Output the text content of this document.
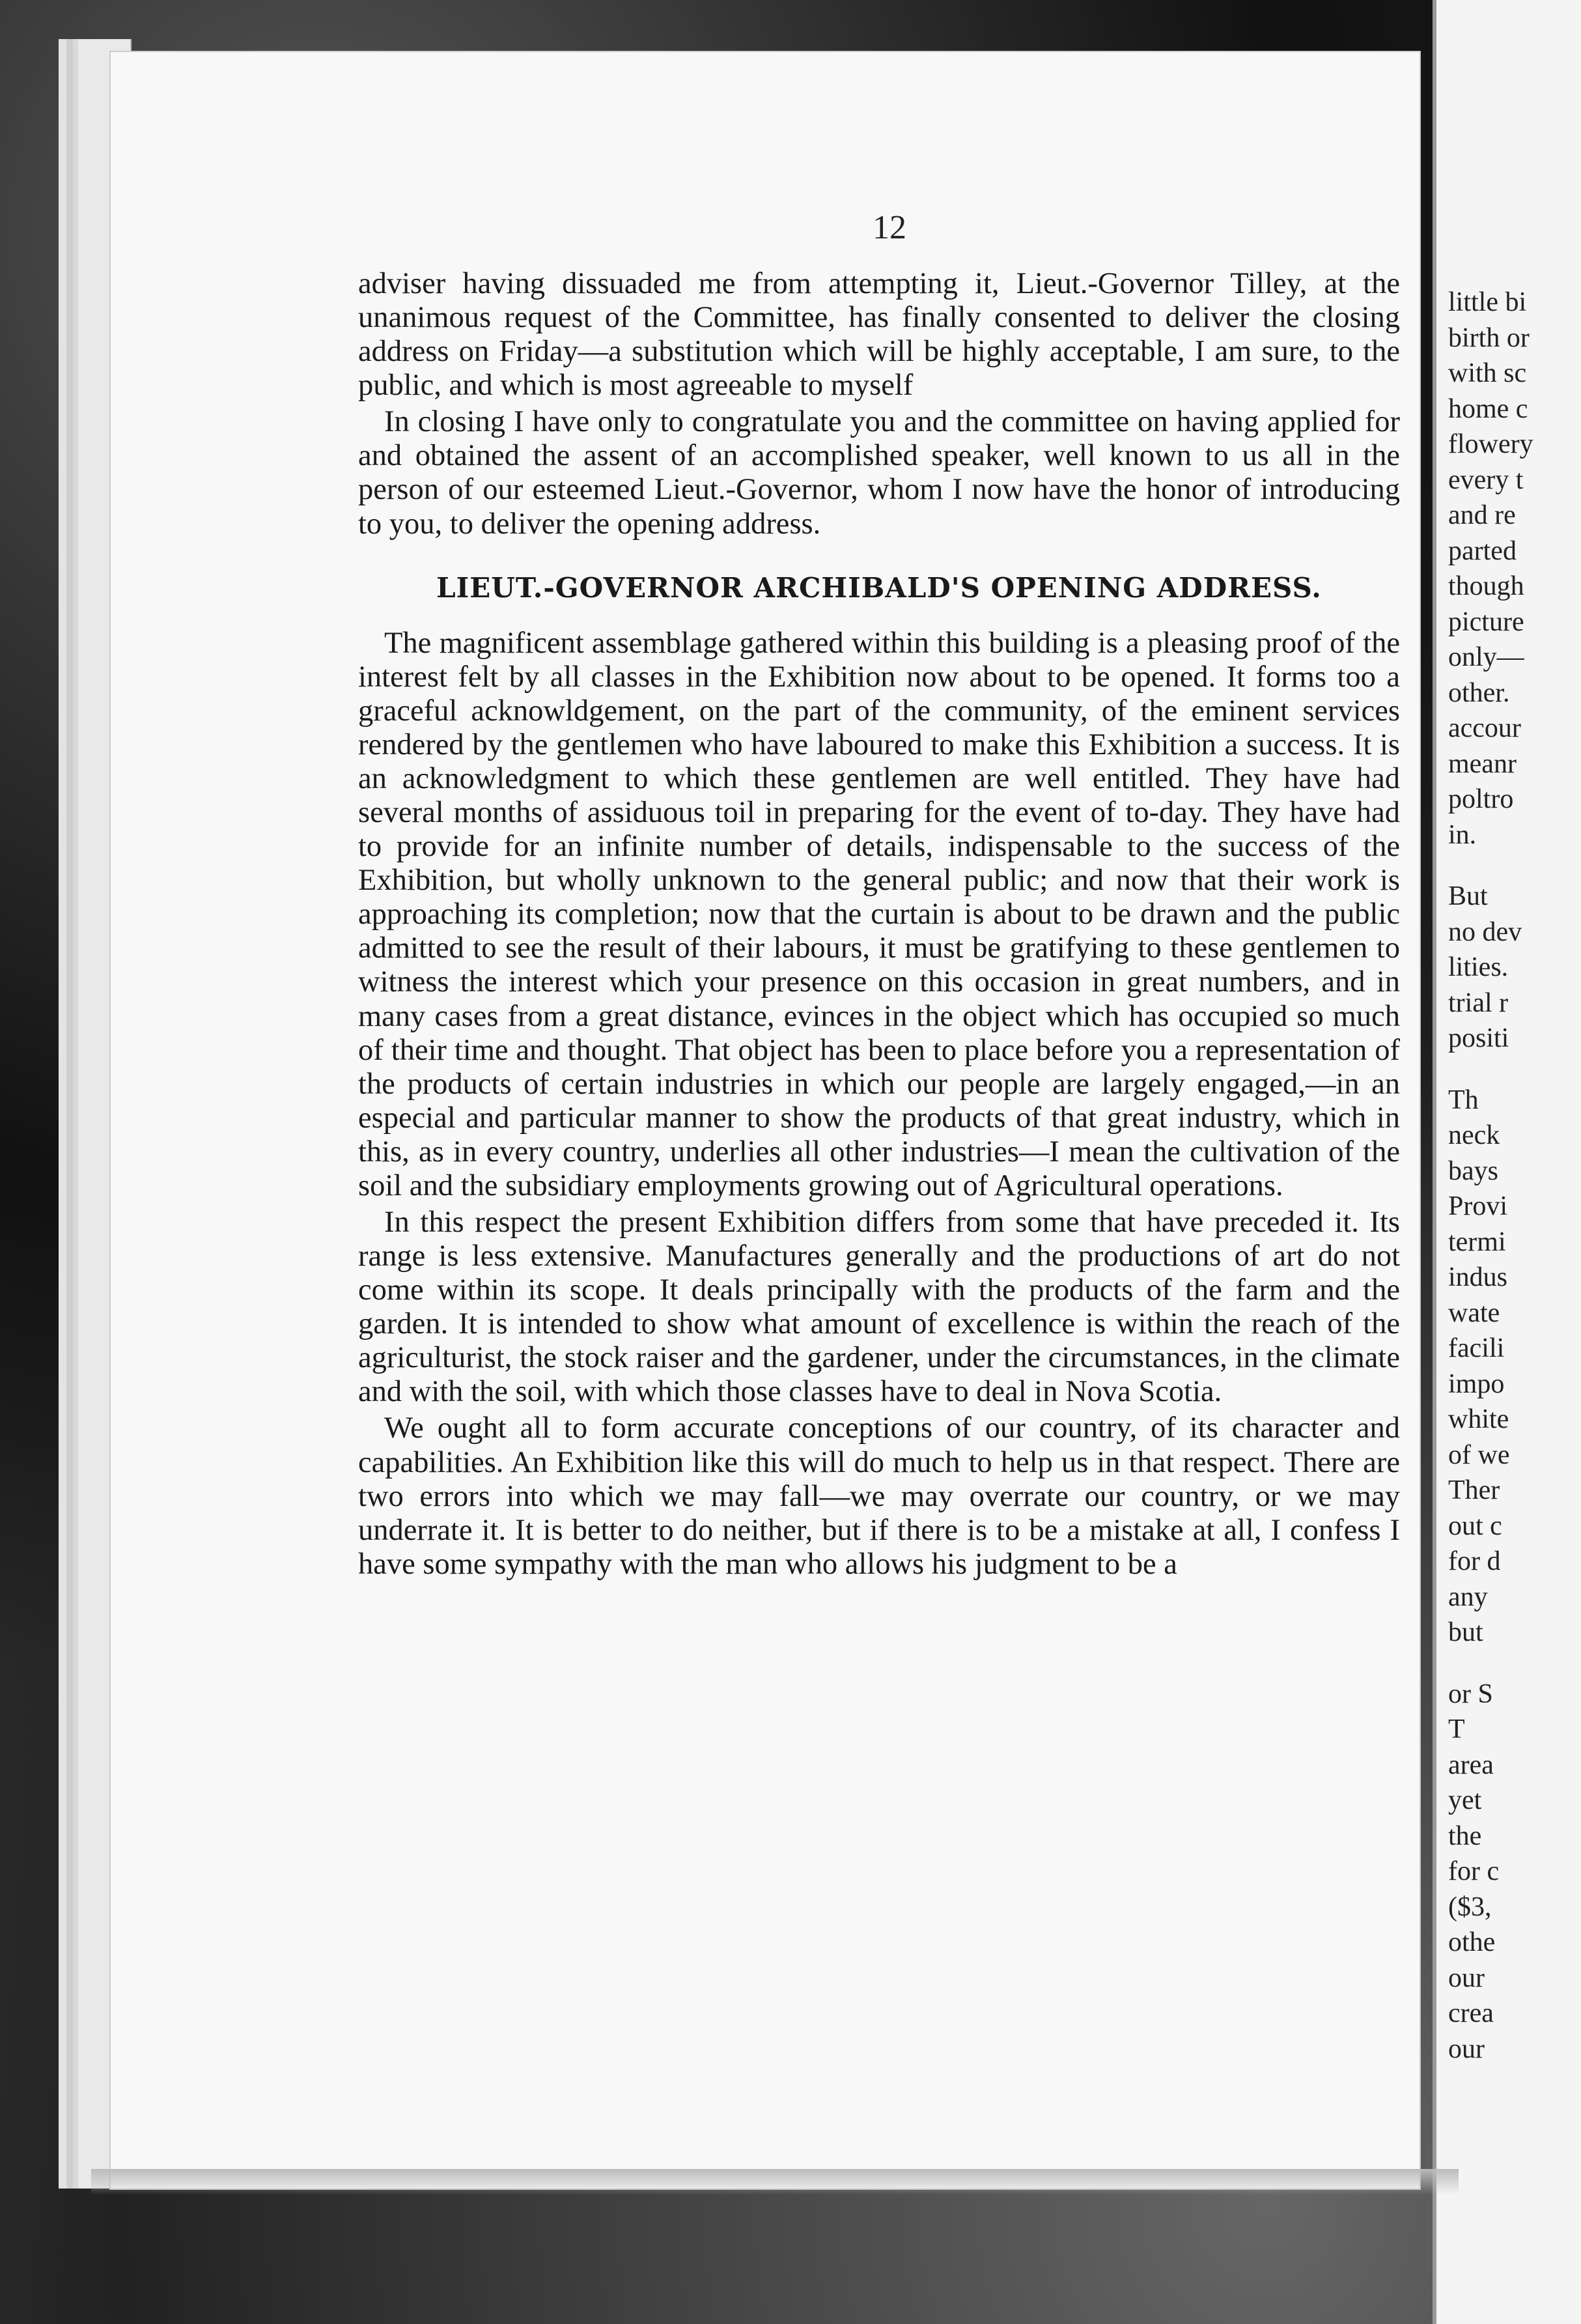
little bi
birth or
with sc
home c
flowery
every t
and re
parted
though
picture
only—
other.
accour
meanr
poltro
in.
But
no dev
lities.
trial r
positi
Th
neck
bays
Provi
termi
indus
wate
facili
impo
white
of we
Ther
out c
for d
any
but
or S
T
area
yet
the
for c
($3,
othe
our
crea
our
12

adviser having dissuaded me from attempting it, Lieut.-Governor Tilley, at the unanimous request of the Committee, has finally consented to deliver the closing address on Friday—a substitution which will be highly acceptable, I am sure, to the public, and which is most agreeable to myself

In closing I have only to congratulate you and the committee on having applied for and obtained the assent of an accomplished speaker, well known to us all in the person of our esteemed Lieut.-Governor, whom I now have the honor of introducing to you, to deliver the opening address.

LIEUT.-GOVERNOR ARCHIBALD'S OPENING ADDRESS.

The magnificent assemblage gathered within this building is a pleasing proof of the interest felt by all classes in the Exhibition now about to be opened. It forms too a graceful acknowldgement, on the part of the community, of the eminent services rendered by the gentlemen who have laboured to make this Exhibition a success. It is an acknowledgment to which these gentlemen are well entitled. They have had several months of assiduous toil in preparing for the event of to-day. They have had to provide for an infinite number of details, indispensable to the success of the Exhibition, but wholly unknown to the general public; and now that their work is approaching its completion; now that the curtain is about to be drawn and the public admitted to see the result of their labours, it must be gratifying to these gentlemen to witness the interest which your presence on this occasion in great numbers, and in many cases from a great distance, evinces in the object which has occupied so much of their time and thought. That object has been to place before you a representation of the products of certain industries in which our people are largely engaged,—in an especial and particular manner to show the products of that great industry, which in this, as in every country, underlies all other industries—I mean the cultivation of the soil and the subsidiary employments growing out of Agricultural operations.

In this respect the present Exhibition differs from some that have preceded it. Its range is less extensive. Manufactures generally and the productions of art do not come within its scope. It deals principally with the products of the farm and the garden. It is intended to show what amount of excellence is within the reach of the agriculturist, the stock raiser and the gardener, under the circumstances, in the climate and with the soil, with which those classes have to deal in Nova Scotia.

We ought all to form accurate conceptions of our country, of its character and capabilities. An Exhibition like this will do much to help us in that respect. There are two errors into which we may fall—we may overrate our country, or we may underrate it. It is better to do neither, but if there is to be a mistake at all, I confess I have some sympathy with the man who allows his judgment to be a
